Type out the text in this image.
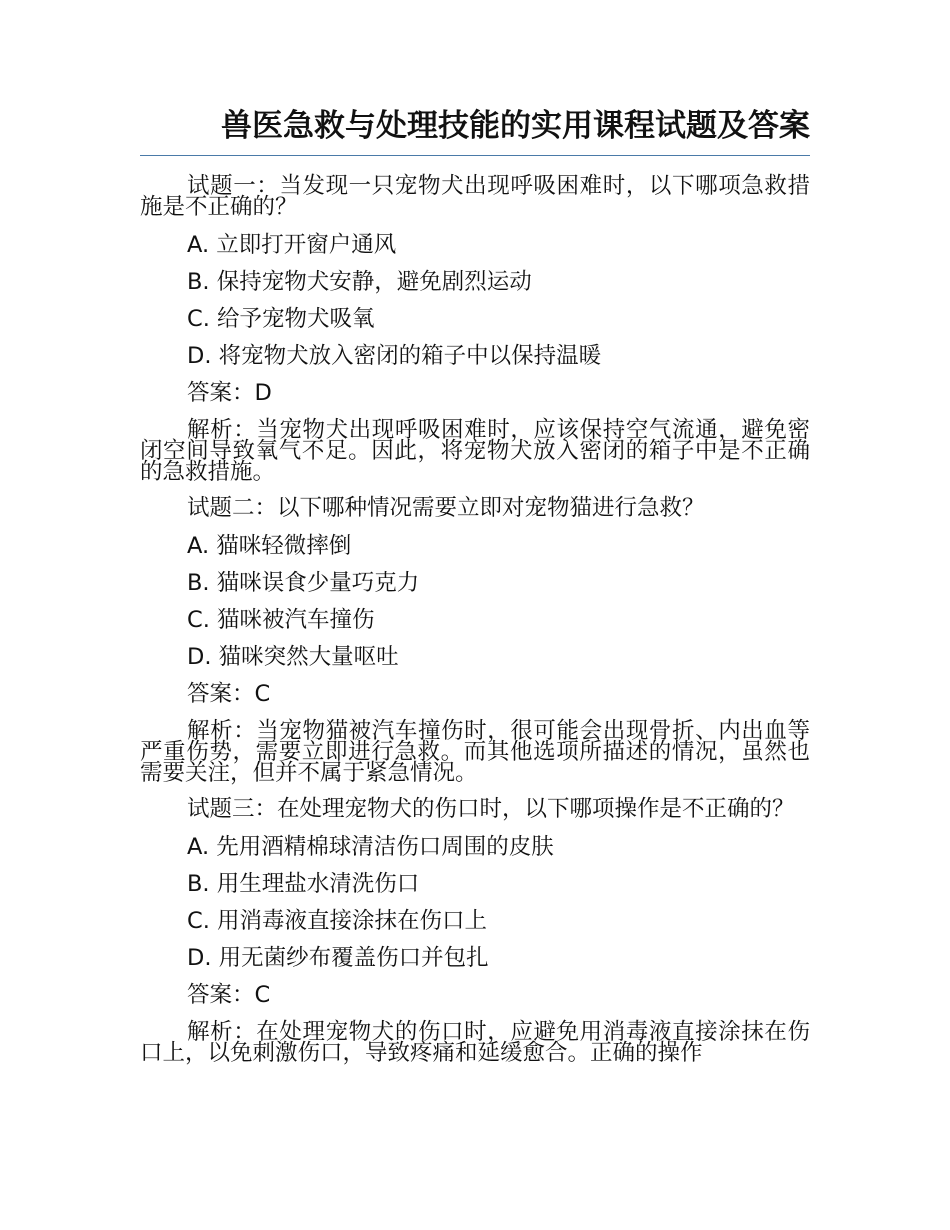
兽医急救与处理技能的实用课程试题及答案

试题一：当发现一只宠物犬出现呼吸困难时，以下哪项急救措施是不正确的？

A. 立即打开窗户通风

B. 保持宠物犬安静，避免剧烈运动

C. 给予宠物犬吸氧

D. 将宠物犬放入密闭的箱子中以保持温暖

答案：D

解析：当宠物犬出现呼吸困难时，应该保持空气流通，避免密闭空间导致氧气不足。因此，将宠物犬放入密闭的箱子中是不正确的急救措施。

试题二：以下哪种情况需要立即对宠物猫进行急救？

A. 猫咪轻微摔倒

B. 猫咪误食少量巧克力

C. 猫咪被汽车撞伤

D. 猫咪突然大量呕吐

答案：C

解析：当宠物猫被汽车撞伤时，很可能会出现骨折、内出血等严重伤势，需要立即进行急救。而其他选项所描述的情况，虽然也需要关注，但并不属于紧急情况。

试题三：在处理宠物犬的伤口时，以下哪项操作是不正确的？

A. 先用酒精棉球清洁伤口周围的皮肤

B. 用生理盐水清洗伤口

C. 用消毒液直接涂抹在伤口上

D. 用无菌纱布覆盖伤口并包扎

答案：C

解析：在处理宠物犬的伤口时，应避免用消毒液直接涂抹在伤口上，以免刺激伤口，导致疼痛和延缓愈合。正确的操作
